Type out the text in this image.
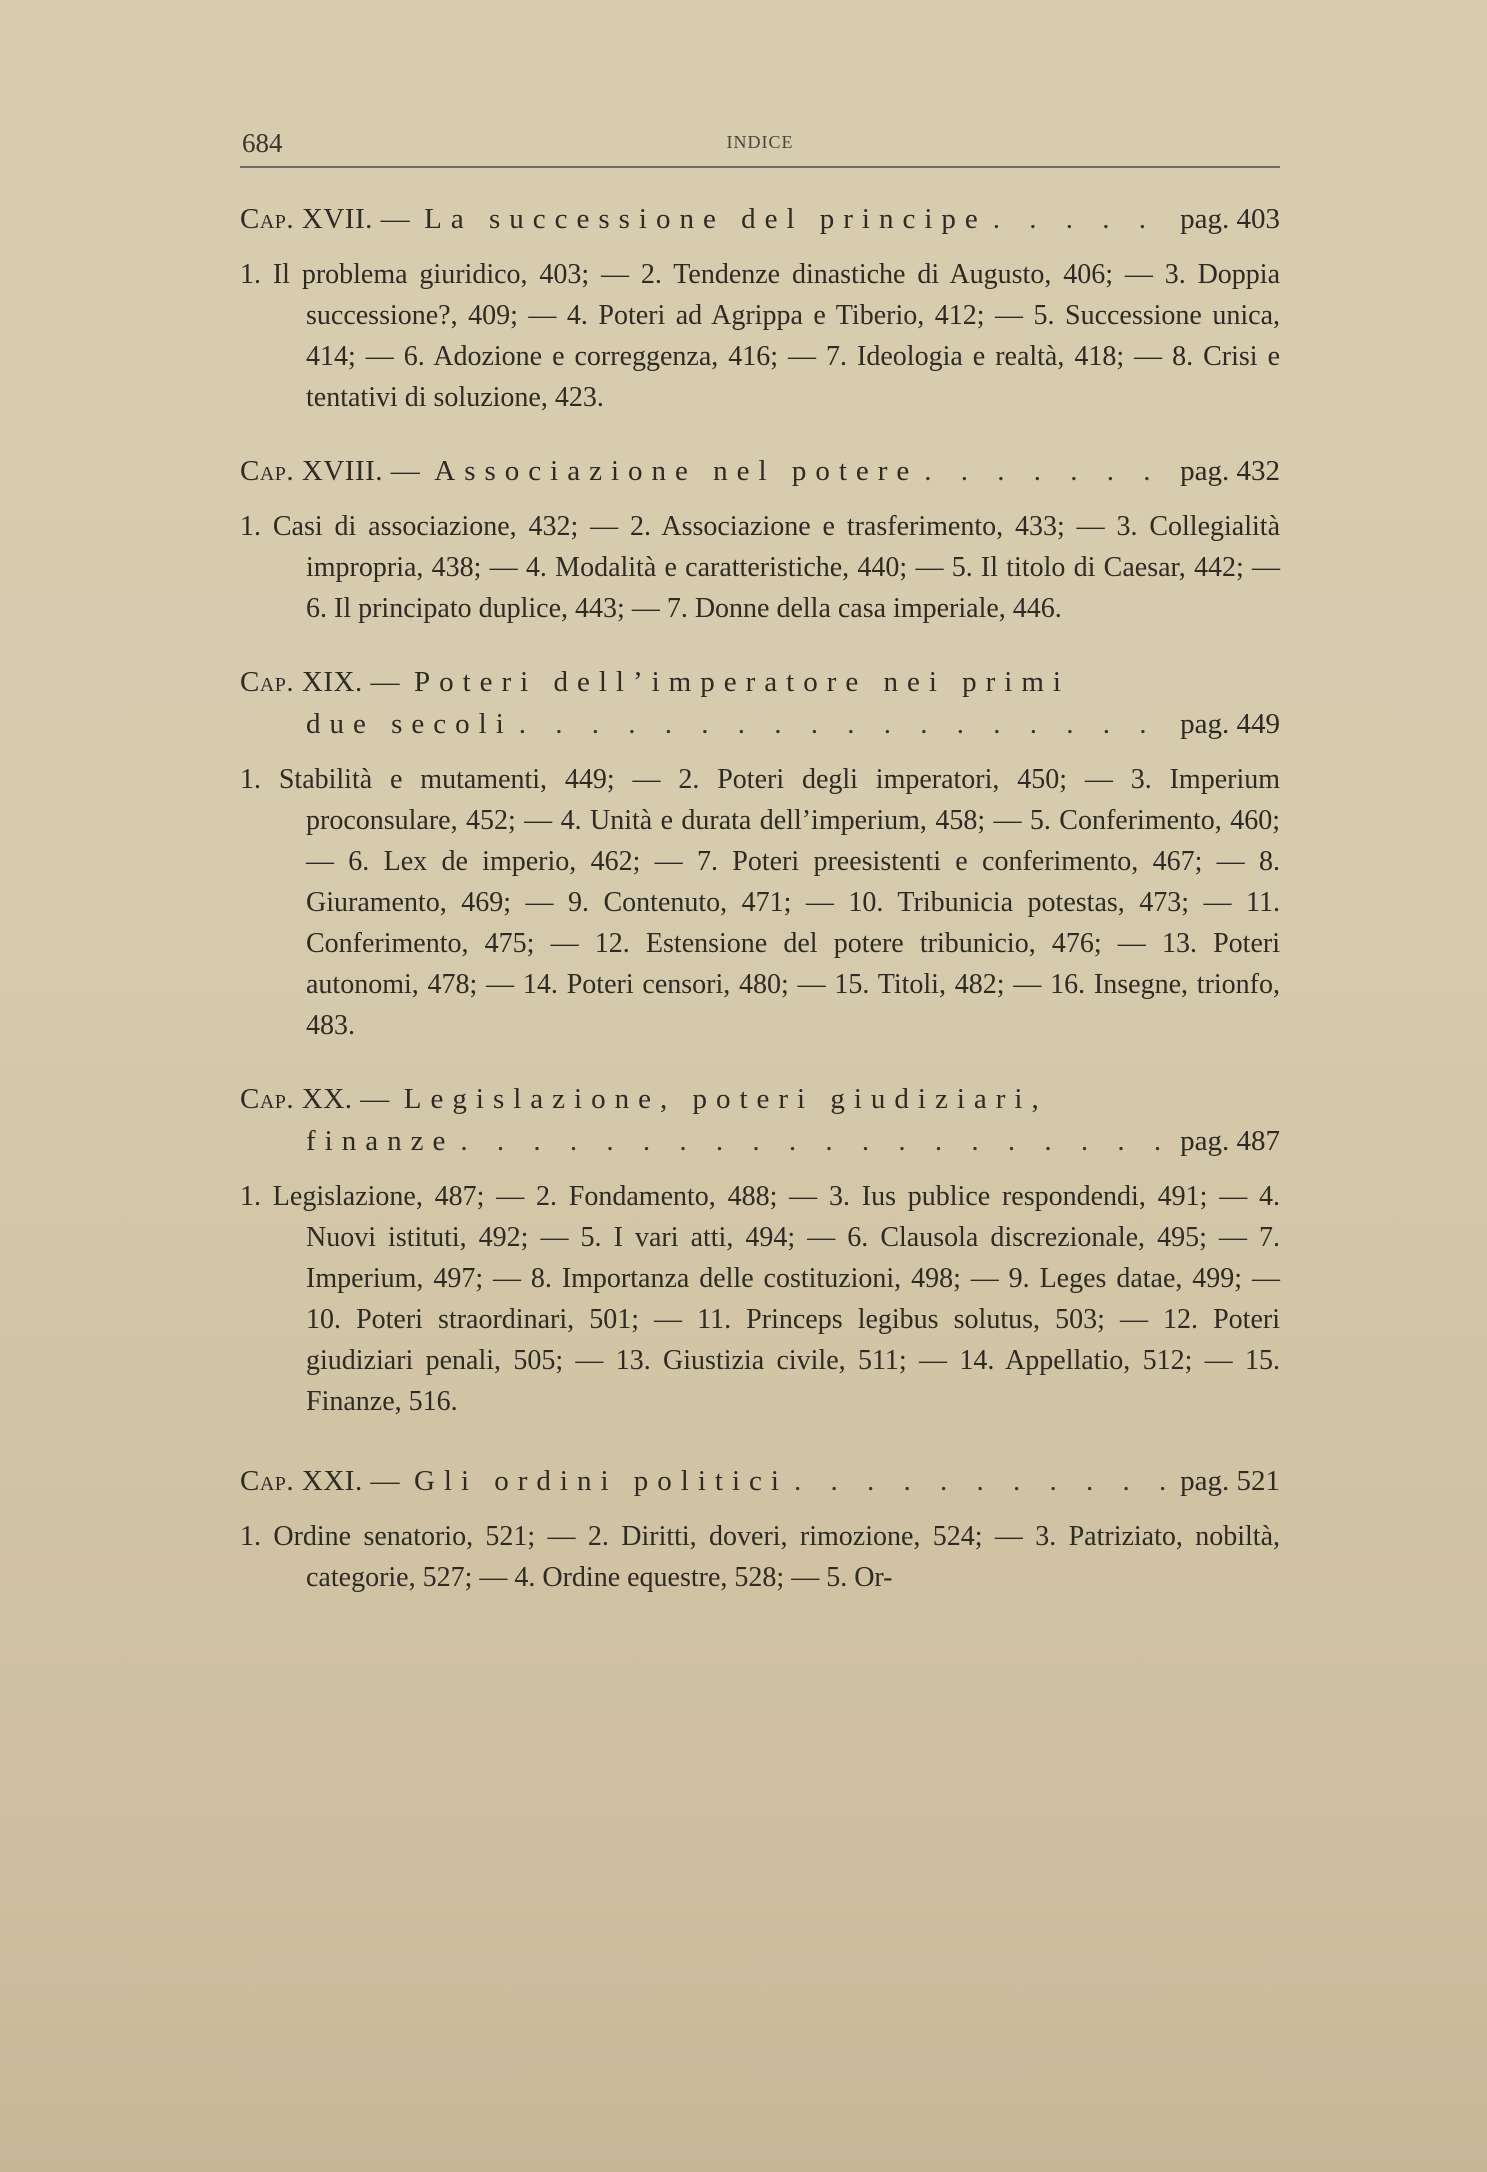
684	INDICE
Cap. XVII. — La successione del principe . . .	pag. 403

1. Il problema giuridico, 403; — 2. Tendenze dinastiche di Augusto, 406; — 3. Doppia successione?, 409; — 4. Poteri ad Agrippa e Tiberio, 412; — 5. Successione unica, 414; — 6. Adozione e correggenza, 416; — 7. Ideologia e realtà, 418; — 8. Crisi e tentativi di soluzione, 423.

Cap. XVIII. — Associazione nel potere . . .	pag. 432

1. Casi di associazione, 432; — 2. Associazione e trasferimento, 433; — 3. Collegialità impropria, 438; — 4. Modalità e caratteristiche, 440; — 5. Il titolo di Caesar, 442; — 6. Il principato duplice, 443; — 7. Donne della casa imperiale, 446.

Cap. XIX. — Poteri dell’imperatore nei primi
due secoli . . .	pag. 449

1. Stabilità e mutamenti, 449; — 2. Poteri degli imperatori, 450; — 3. Imperium proconsulare, 452; — 4. Unità e durata dell’imperium, 458; — 5. Conferimento, 460; — 6. Lex de imperio, 462; — 7. Poteri preesistenti e conferimento, 467; — 8. Giuramento, 469; — 9. Contenuto, 471; — 10. Tribunicia potestas, 473; — 11. Conferimento, 475; — 12. Estensione del potere tribunicio, 476; — 13. Poteri autonomi, 478; — 14. Poteri censori, 480; — 15. Titoli, 482; — 16. Insegne, trionfo, 483.

Cap. XX. — Legislazione, poteri giudiziari,
finanze . . .	pag. 487

1. Legislazione, 487; — 2. Fondamento, 488; — 3. Ius publice respondendi, 491; — 4. Nuovi istituti, 492; — 5. I vari atti, 494; — 6. Clausola discrezionale, 495; — 7. Imperium, 497; — 8. Importanza delle costituzioni, 498; — 9. Leges datae, 499; — 10. Poteri straordinari, 501; — 11. Princeps legibus solutus, 503; — 12. Poteri giudiziari penali, 505; — 13. Giustizia civile, 511; — 14. Appellatio, 512; — 15. Finanze, 516.

Cap. XXI. — Gli ordini politici . . .	pag. 521

1. Ordine senatorio, 521; — 2. Diritti, doveri, rimozione, 524; — 3. Patriziato, nobiltà, categorie, 527; — 4. Ordine equestre, 528; — 5. Or-
